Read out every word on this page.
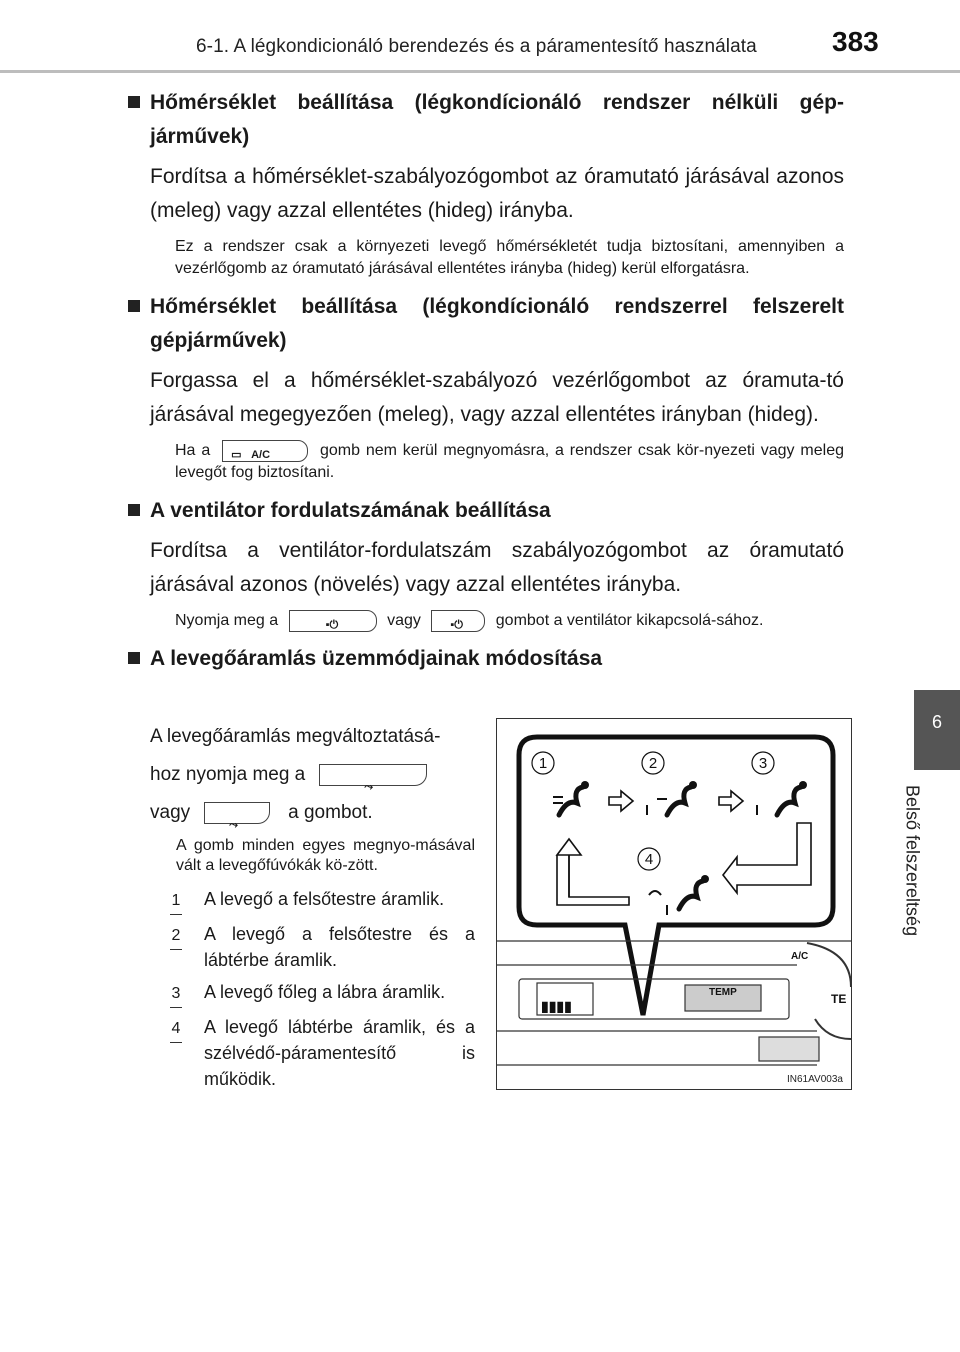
6-1. A légkondicionáló berendezés és a páramentesítő használata	383
6
Belső felszereltség
Hőmérséklet beállítása (légkondícionáló rendszer nélküli gép-járművek)
Fordítsa a hőmérséklet-szabályozógombot az óramutató járásával azonos (meleg) vagy azzal ellentétes (hideg) irányba.
Ez a rendszer csak a környezeti levegő hőmérsékletét tudja biztosítani, amennyiben a vezérlőgomb az óramutató járásával ellentétes irányba (hideg) kerül elforgatásra.
Hőmérséklet beállítása (légkondícionáló rendszerrel felszerelt gépjárművek)
Forgassa el a hőmérséklet-szabályozó vezérlőgombot az óramuta-tó járásával megegyezően (meleg), vagy azzal ellentétes irányban (hideg).
Ha a ▭ A/C	gomb nem kerül megnyomásra, a rendszer csak kör-nyezeti vagy meleg levegőt fog biztosítani.
A ventilátor fordulatszámának beállítása
Fordítsa a ventilátor-fordulatszám szabályozógombot az óramutató járásával azonos (növelés) vagy azzal ellentétes irányba.
Nyomja meg a	▪⏻	vagy	▪⏻ gombot a ventilátor kikapcsolá-sához.
A levegőáramlás üzemmódjainak módosítása
A levegőáramlás megváltoztatásá-
hoz nyomja meg a
⤳
vagy
⤳
a gombot.
A gomb minden egyes megnyo-másával vált a levegőfúvókák kö-zött.
1	A levegő a felsőtestre áramlik.
2	A levegő a felsőtestre és a lábtérbe áramlik.
3	A levegő főleg a lábra áramlik.
4	A levegő lábtérbe áramlik, és a szélvédő-páramentesítő is működik.
1	2	3
4
A/C
TEMP	TE
▮▮▮▮
IN61AV003a
